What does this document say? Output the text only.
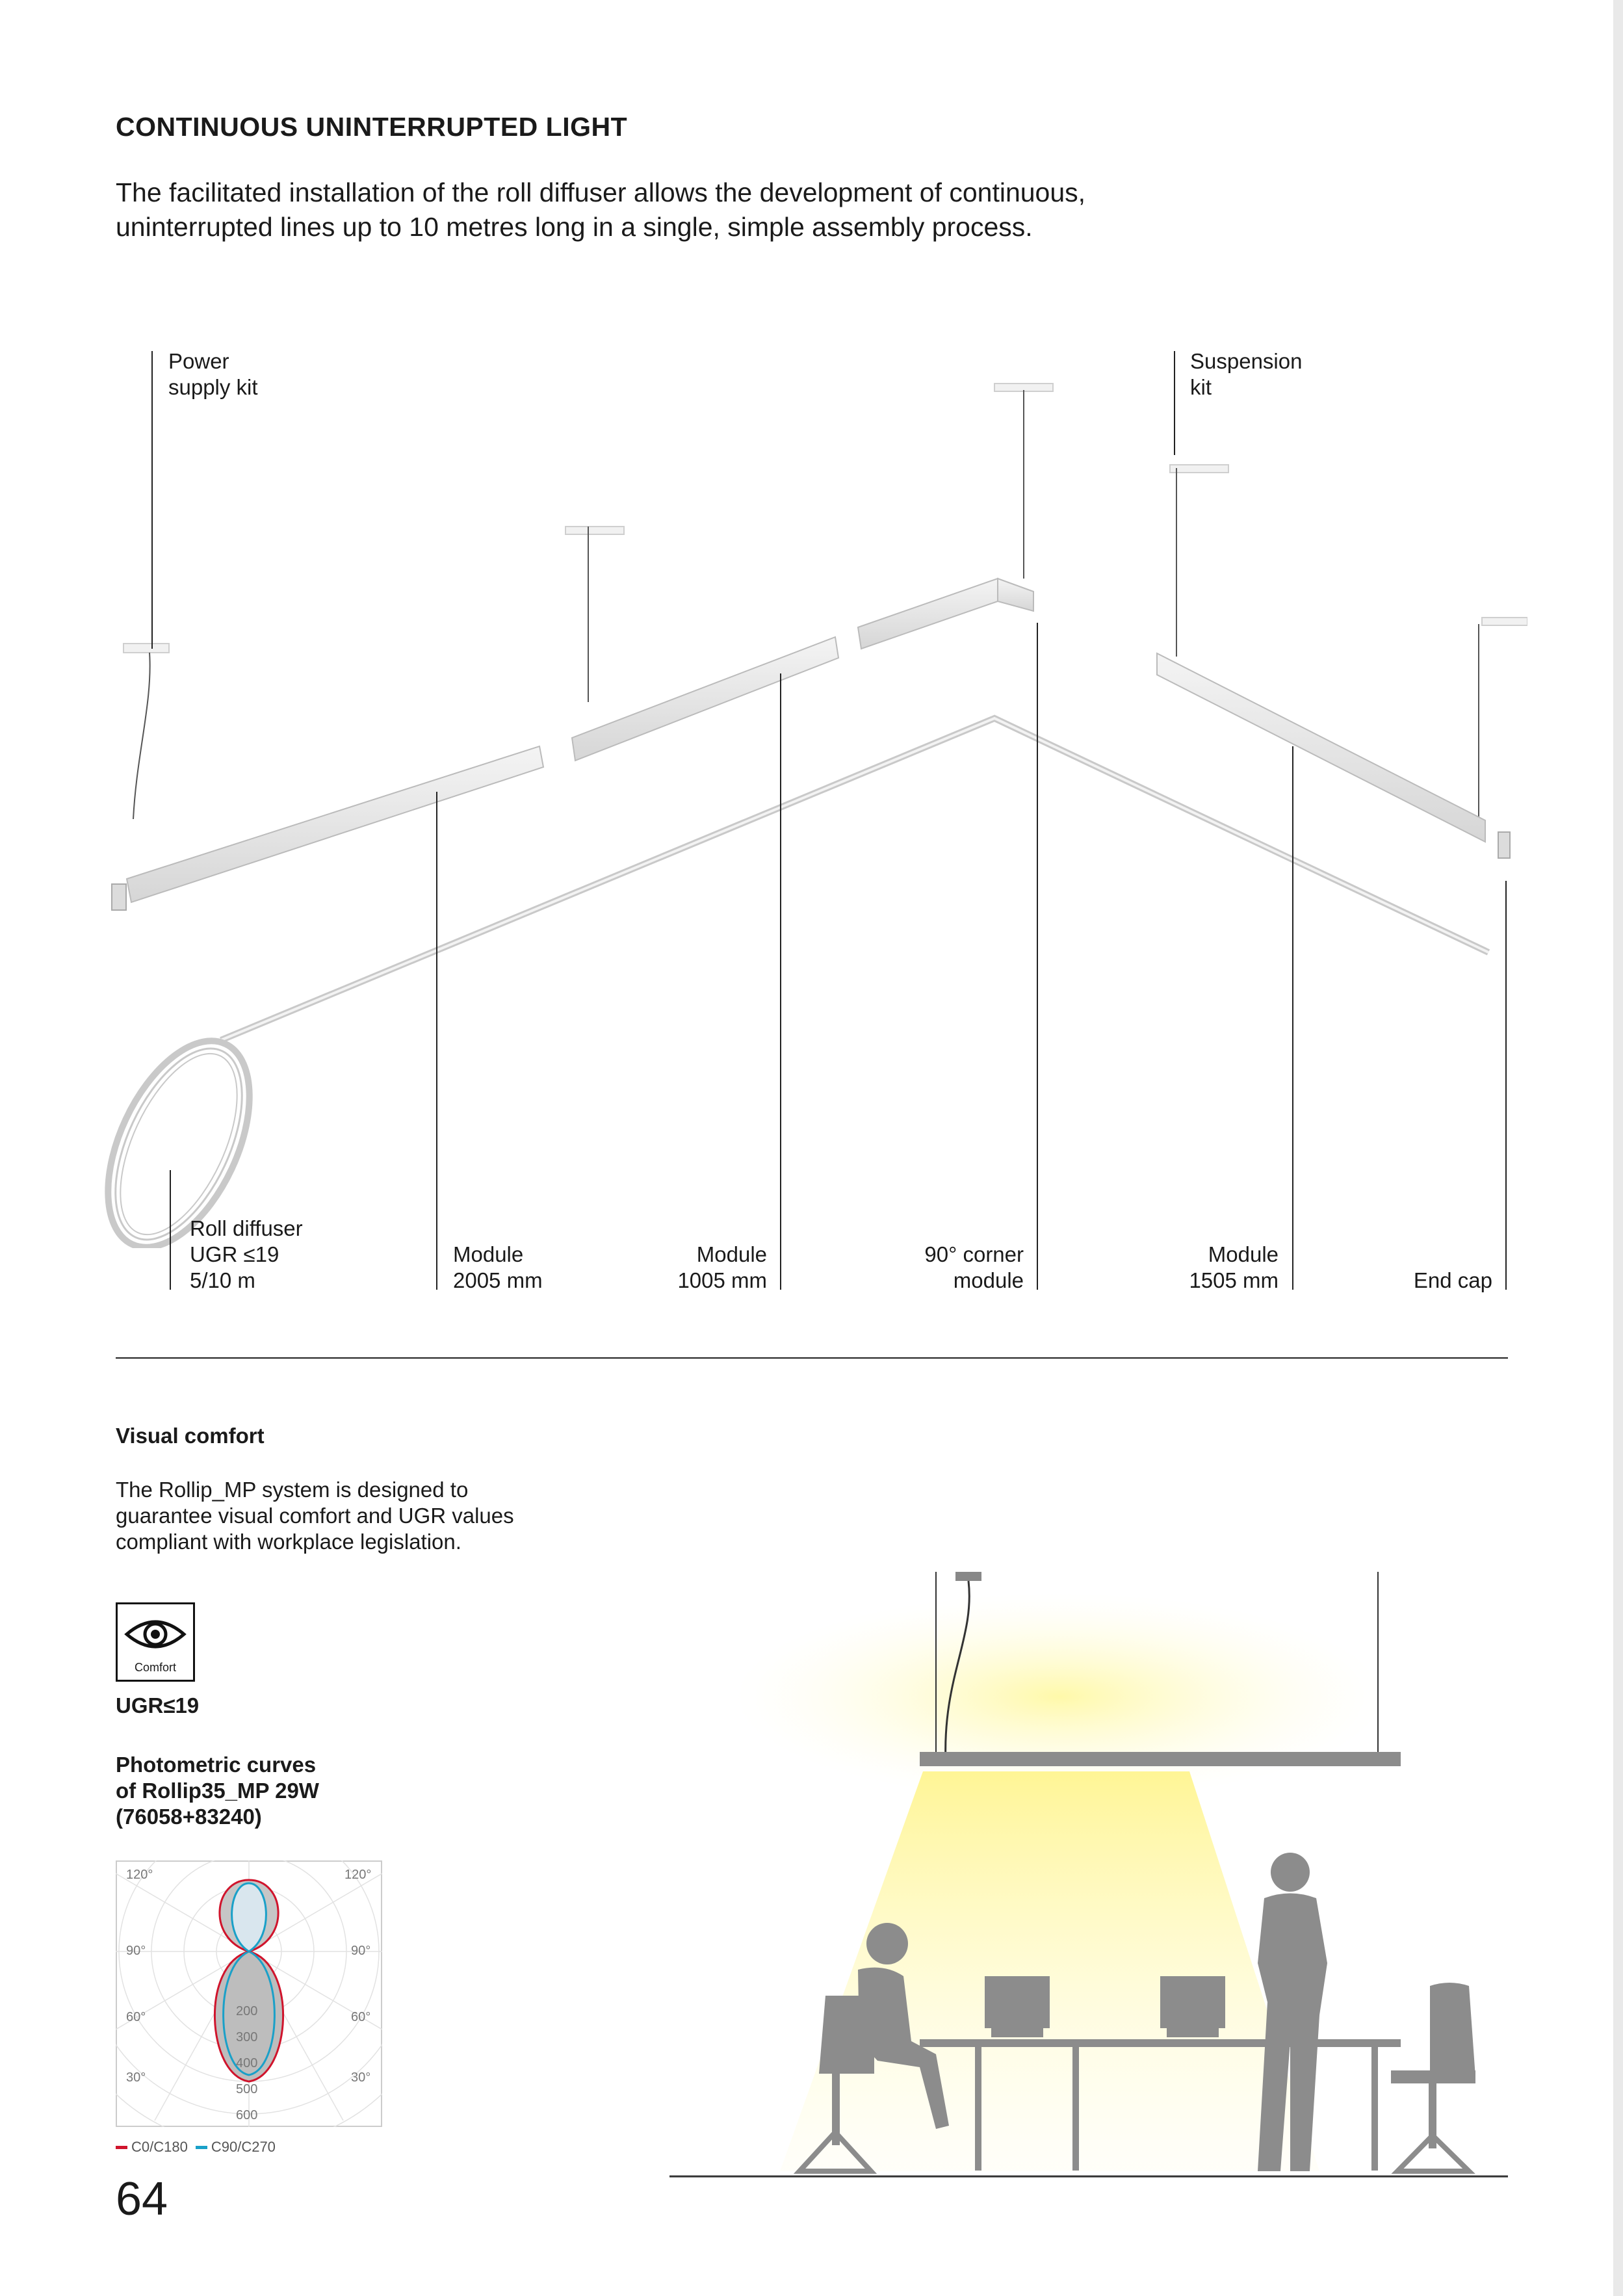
CONTINUOUS UNINTERRUPTED LIGHT
The facilitated installation of the roll diffuser allows the development of continuous, uninterrupted lines up to 10 metres long in a single, simple assembly process.
Power
supply kit
Suspension
kit
Roll diffuser
UGR ≤19
5/10 m
Module
2005 mm
Module
1005 mm
90° corner
module
Module
1505 mm	End cap
Visual comfort
The Rollip_MP system is designed to guarantee visual comfort and UGR values compliant with workplace legislation.
Comfort
UGR≤19
Photometric curves
of Rollip35_MP 29W
(76058+83240)
120°	120°
90°	90°
60°	60°
30°	30°
200
300
400
500
600
C0/C180 C90/C270
64
